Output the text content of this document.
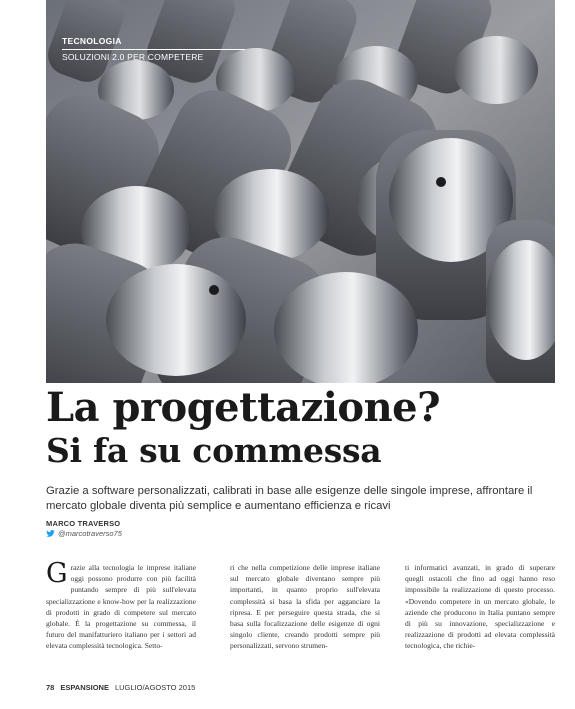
TECNOLOGIA
SOLUZIONI 2.0 PER COMPETERE
La progettazione?
Si fa su commessa
Grazie a software personalizzati, calibrati in base alle esigenze delle singole imprese, affrontare il mercato globale diventa più semplice e aumentano efficienza e ricavi
MARCO TRAVERSO
@marcotraverso75
Grazie alla tecnologia le imprese italiane oggi possono produrre con più facilità puntando sempre di più sull'elevata specializzazione e know-how per la realizzazione di prodotti in grado di competere sul mercato globale. È la progettazione su commessa, il futuro del manifatturiero italiano per i settori ad elevata complessità tecnologica. Setto-
ri che nella competizione delle imprese italiane sul mercato globale diventano sempre più importanti, in quanto proprio sull'elevata complessità si basa la sfida per agganciare la ripresa. E per perseguire questa strada, che si basa sulla focalizzazione delle esigenze di ogni singolo cliente, creando prodotti sempre più personalizzati, servono strumen-
ti informatici avanzati, in grado di superare quegli ostacoli che fino ad oggi hanno reso impossibile la realizzazione di questo processo. «Dovendo competere in un mercato globale, le aziende che producono in Italia puntano sempre di più su innovazione, specializzazione e realizzazione di prodotti ad elevata complessità tecnologica, che richie-
78 ESPANSIONE LUGLIO/AGOSTO 2015
